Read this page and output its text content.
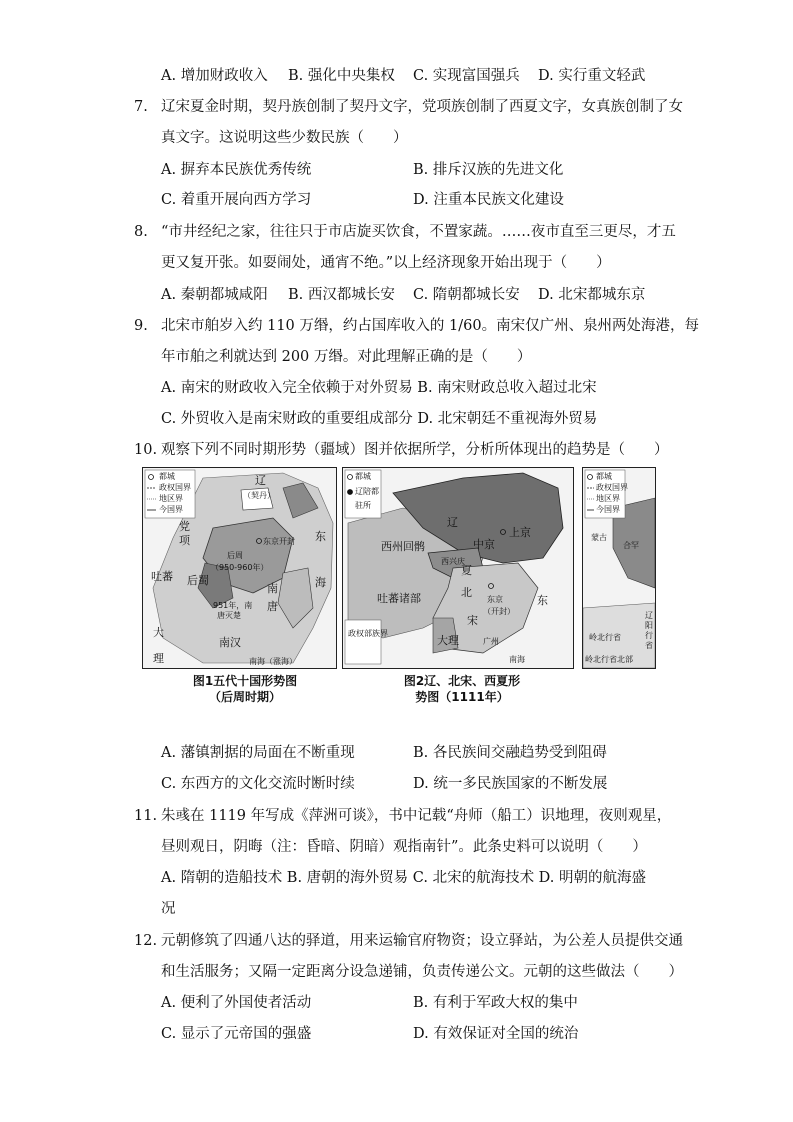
A. 增加财政收入 B. 强化中央集权 C. 实现富国强兵 D. 实行重文轻武
7. 辽宋夏金时期，契丹族创制了契丹文字，党项族创制了西夏文字，女真族创制了女
真文字。这说明这些少数民族（　　）
A. 摒弃本民族优秀传统	B. 排斥汉族的先进文化
C. 着重开展向西方学习	D. 注重本民族文化建设
8. “市井经纪之家，往往只于市店旋买饮食，不置家蔬。……夜市直至三更尽，才五
更又复开张。如耍闹处，通宵不绝。”以上经济现象开始出现于（　　）
A. 秦朝都城咸阳 B. 西汉都城长安 C. 隋朝都城长安 D. 北宋都城东京
9. 北宋市舶岁入约 110 万缗，约占国库收入的 1/60。南宋仅广州、泉州两处海港，每
年市舶之利就达到 200 万缗。对此理解正确的是（　　）
A. 南宋的财政收入完全依赖于对外贸易 B. 南宋财政总收入超过北宋
C. 外贸收入是南宋财政的重要组成部分 D. 北宋朝廷不重视海外贸易
10. 观察下列不同时期形势（疆域）图并依据所学，分析所体现出的趋势是（　　）
都城
政权国界
地区界
今国界
辽
（契丹）
党
项	东京开封
后周
（950-960年）
吐蕃 后蜀
951年，南
唐灭楚
南
唐
东
海
大
理
南汉
南海（涨海）
都城
辽陪都
驻所
政权部族界
辽
上京
中京
西州回鹘
西兴庆
夏
吐蕃诸部	北
东京
（开封）
宋
大理	广州
东
南海
都城
政权国界
地区界
今国界
蒙古
合罕
辽
阳
行
省
岭北行省
岭北行省北部
图1五代十国形势图
（后周时期）
图2辽、北宋、西夏形
势图（1111年）
A. 藩镇割据的局面在不断重现	B. 各民族间交融趋势受到阻碍
C. 东西方的文化交流时断时续	D. 统一多民族国家的不断发展
11. 朱彧在 1119 年写成《萍洲可谈》，书中记载“舟师（船工）识地理，夜则观星，
昼则观日，阴晦（注：昏暗、阴暗）观指南针”。此条史料可以说明（　　）
A. 隋朝的造船技术 B. 唐朝的海外贸易 C. 北宋的航海技术 D. 明朝的航海盛
况
12. 元朝修筑了四通八达的驿道，用来运输官府物资；设立驿站，为公差人员提供交通
和生活服务；又隔一定距离分设急递铺，负责传递公文。元朝的这些做法（　　）
A. 便利了外国使者活动	B. 有利于军政大权的集中
C. 显示了元帝国的强盛	D. 有效保证对全国的统治
